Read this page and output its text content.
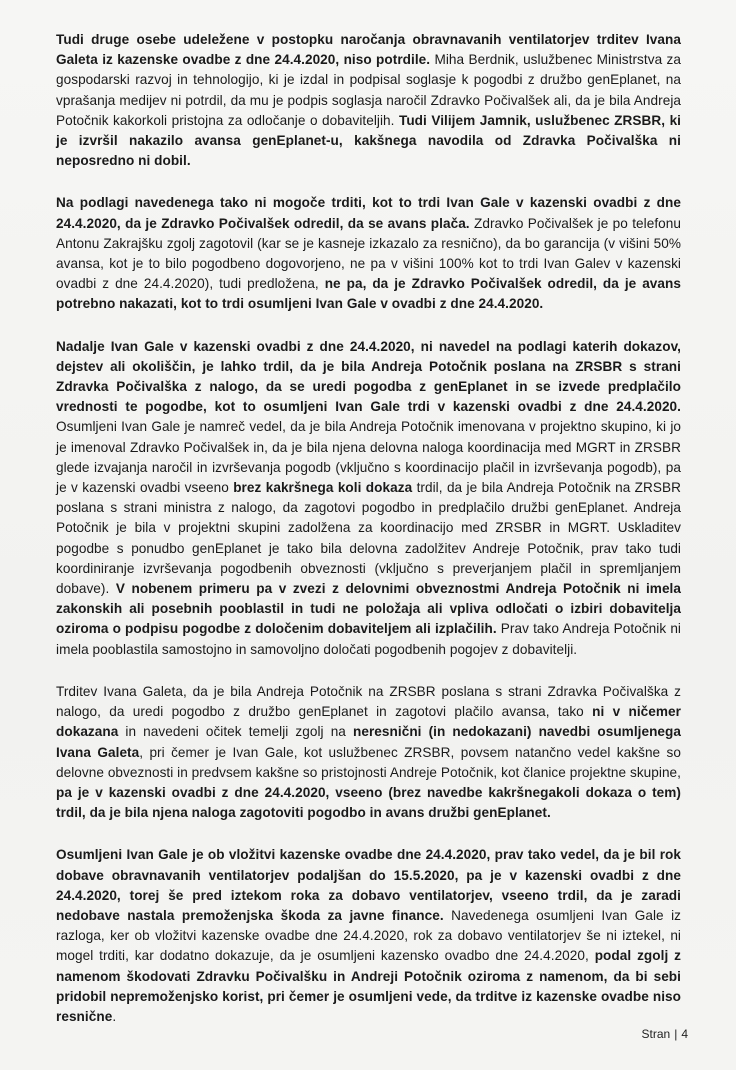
Tudi druge osebe udeležene v postopku naročanja obravnavanih ventilatorjev trditev Ivana Galeta iz kazenske ovadbe z dne 24.4.2020, niso potrdile. Miha Berdnik, uslužbenec Ministrstva za gospodarski razvoj in tehnologijo, ki je izdal in podpisal soglasje k pogodbi z družbo genEplanet, na vprašanja medijev ni potrdil, da mu je podpis soglasja naročil Zdravko Počivalšek ali, da je bila Andreja Potočnik kakorkoli pristojna za odločanje o dobaviteljih. Tudi Vilijem Jamnik, uslužbenec ZRSBR, ki je izvršil nakazilo avansa genEplanet-u, kakšnega navodila od Zdravka Počivalška ni neposredno ni dobil.

Na podlagi navedenega tako ni mogoče trditi, kot to trdi Ivan Gale v kazenski ovadbi z dne 24.4.2020, da je Zdravko Počivalšek odredil, da se avans plača. Zdravko Počivalšek je po telefonu Antonu Zakrajšku zgolj zagotovil (kar se je kasneje izkazalo za resnično), da bo garancija (v višini 50% avansa, kot je to bilo pogodbeno dogovorjeno, ne pa v višini 100% kot to trdi Ivan Galev v kazenski ovadbi z dne 24.4.2020), tudi predložena, ne pa, da je Zdravko Počivalšek odredil, da je avans potrebno nakazati, kot to trdi osumljeni Ivan Gale v ovadbi z dne 24.4.2020.

Nadalje Ivan Gale v kazenski ovadbi z dne 24.4.2020, ni navedel na podlagi katerih dokazov, dejstev ali okoliščin, je lahko trdil, da je bila Andreja Potočnik poslana na ZRSBR s strani Zdravka Počivalška z nalogo, da se uredi pogodba z genEplanet in se izvede predplačilo vrednosti te pogodbe, kot to osumljeni Ivan Gale trdi v kazenski ovadbi z dne 24.4.2020. Osumljeni Ivan Gale je namreč vedel, da je bila Andreja Potočnik imenovana v projektno skupino, ki jo je imenoval Zdravko Počivalšek in, da je bila njena delovna naloga koordinacija med MGRT in ZRSBR glede izvajanja naročil in izvrševanja pogodb (vključno s koordinacijo plačil in izvrševanja pogodb), pa je v kazenski ovadbi vseeno brez kakršnega koli dokaza trdil, da je bila Andreja Potočnik na ZRSBR poslana s strani ministra z nalogo, da zagotovi pogodbo in predplačilo družbi genEplanet. Andreja Potočnik je bila v projektni skupini zadolžena za koordinacijo med ZRSBR in MGRT. Uskladitev pogodbe s ponudbo genEplanet je tako bila delovna zadolžitev Andreje Potočnik, prav tako tudi koordiniranje izvrševanja pogodbenih obveznosti (vključno s preverjanjem plačil in spremljanjem dobave). V nobenem primeru pa v zvezi z delovnimi obveznostmi Andreja Potočnik ni imela zakonskih ali posebnih pooblastil in tudi ne položaja ali vpliva odločati o izbiri dobavitelja oziroma o podpisu pogodbe z določenim dobaviteljem ali izplačilih. Prav tako Andreja Potočnik ni imela pooblastila samostojno in samovoljno določati pogodbenih pogojev z dobavitelji.

Trditev Ivana Galeta, da je bila Andreja Potočnik na ZRSBR poslana s strani Zdravka Počivalška z nalogo, da uredi pogodbo z družbo genEplanet in zagotovi plačilo avansa, tako ni v ničemer dokazana in navedeni očitek temelji zgolj na neresnični (in nedokazani) navedbi osumljenega Ivana Galeta, pri čemer je Ivan Gale, kot uslužbenec ZRSBR, povsem natančno vedel kakšne so delovne obveznosti in predvsem kakšne so pristojnosti Andreje Potočnik, kot članice projektne skupine, pa je v kazenski ovadbi z dne 24.4.2020, vseeno (brez navedbe kakršnegakoli dokaza o tem) trdil, da je bila njena naloga zagotoviti pogodbo in avans družbi genEplanet.

Osumljeni Ivan Gale je ob vložitvi kazenske ovadbe dne 24.4.2020, prav tako vedel, da je bil rok dobave obravnavanih ventilatorjev podaljšan do 15.5.2020, pa je v kazenski ovadbi z dne 24.4.2020, torej še pred iztekom roka za dobavo ventilatorjev, vseeno trdil, da je zaradi nedobave nastala premoženjska škoda za javne finance. Navedenega osumljeni Ivan Gale iz razloga, ker ob vložitvi kazenske ovadbe dne 24.4.2020, rok za dobavo ventilatorjev še ni iztekel, ni mogel trditi, kar dodatno dokazuje, da je osumljeni kazensko ovadbo dne 24.4.2020, podal zgolj z namenom škodovati Zdravku Počivalšku in Andreji Potočnik oziroma z namenom, da bi sebi pridobil nepremoženjsko korist, pri čemer je osumljeni vede, da trditve iz kazenske ovadbe niso resnične.

Stran | 4
